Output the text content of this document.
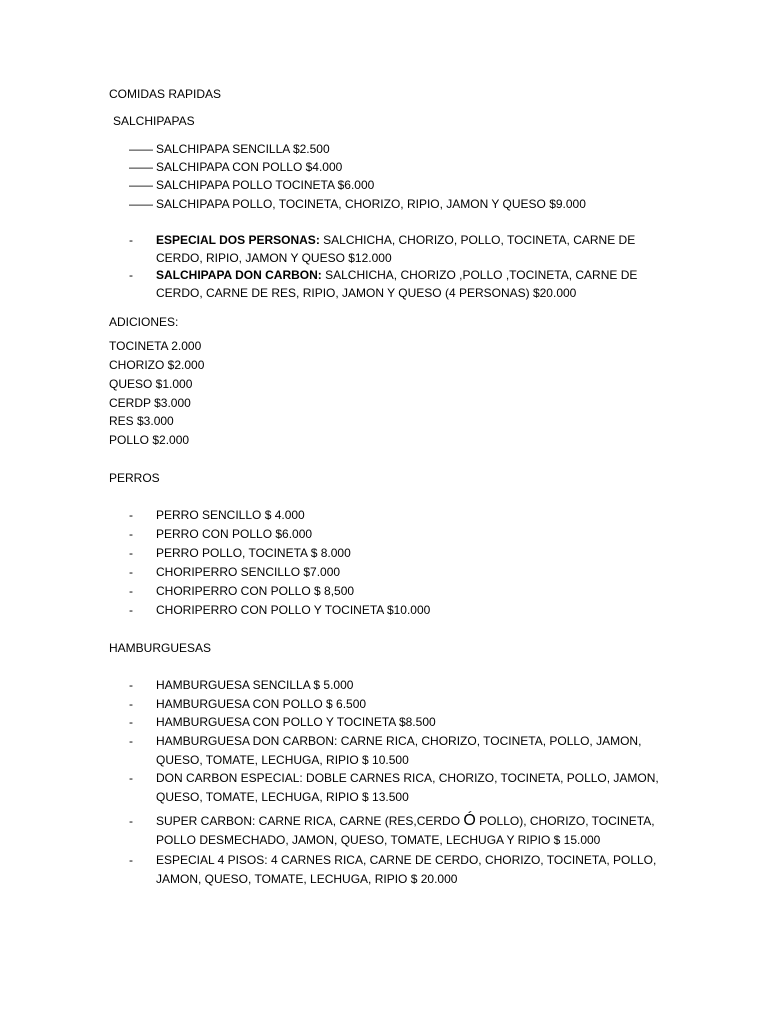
COMIDAS RAPIDAS
SALCHIPAPAS
—— SALCHIPAPA SENCILLA $2.500
—— SALCHIPAPA CON POLLO $4.000
—— SALCHIPAPA POLLO TOCINETA $6.000
—— SALCHIPAPA POLLO, TOCINETA, CHORIZO, RIPIO, JAMON Y QUESO $9.000
- ESPECIAL DOS PERSONAS: SALCHICHA, CHORIZO, POLLO, TOCINETA, CARNE DE
CERDO, RIPIO, JAMON Y QUESO $12.000
- SALCHIPAPA DON CARBON: SALCHICHA, CHORIZO ,POLLO ,TOCINETA, CARNE DE
CERDO, CARNE DE RES, RIPIO, JAMON Y QUESO (4 PERSONAS) $20.000
ADICIONES:
TOCINETA 2.000
CHORIZO $2.000
QUESO $1.000
CERDP $3.000
RES $3.000
POLLO $2.000
PERROS
- PERRO SENCILLO $ 4.000
- PERRO CON POLLO $6.000
- PERRO POLLO, TOCINETA $ 8.000
- CHORIPERRO SENCILLO $7.000
- CHORIPERRO CON POLLO $ 8,500
- CHORIPERRO CON POLLO Y TOCINETA $10.000
HAMBURGUESAS
- HAMBURGUESA SENCILLA $ 5.000
- HAMBURGUESA CON POLLO $ 6.500
- HAMBURGUESA CON POLLO Y TOCINETA $8.500
- HAMBURGUESA DON CARBON: CARNE RICA, CHORIZO, TOCINETA, POLLO, JAMON,
QUESO, TOMATE, LECHUGA, RIPIO $ 10.500
- DON CARBON ESPECIAL: DOBLE CARNES RICA, CHORIZO, TOCINETA, POLLO, JAMON,
QUESO, TOMATE, LECHUGA, RIPIO $ 13.500
- SUPER CARBON: CARNE RICA, CARNE (RES,CERDO Ó POLLO), CHORIZO, TOCINETA,
POLLO DESMECHADO, JAMON, QUESO, TOMATE, LECHUGA Y RIPIO $ 15.000
- ESPECIAL 4 PISOS: 4 CARNES RICA, CARNE DE CERDO, CHORIZO, TOCINETA, POLLO,
JAMON, QUESO, TOMATE, LECHUGA, RIPIO $ 20.000
